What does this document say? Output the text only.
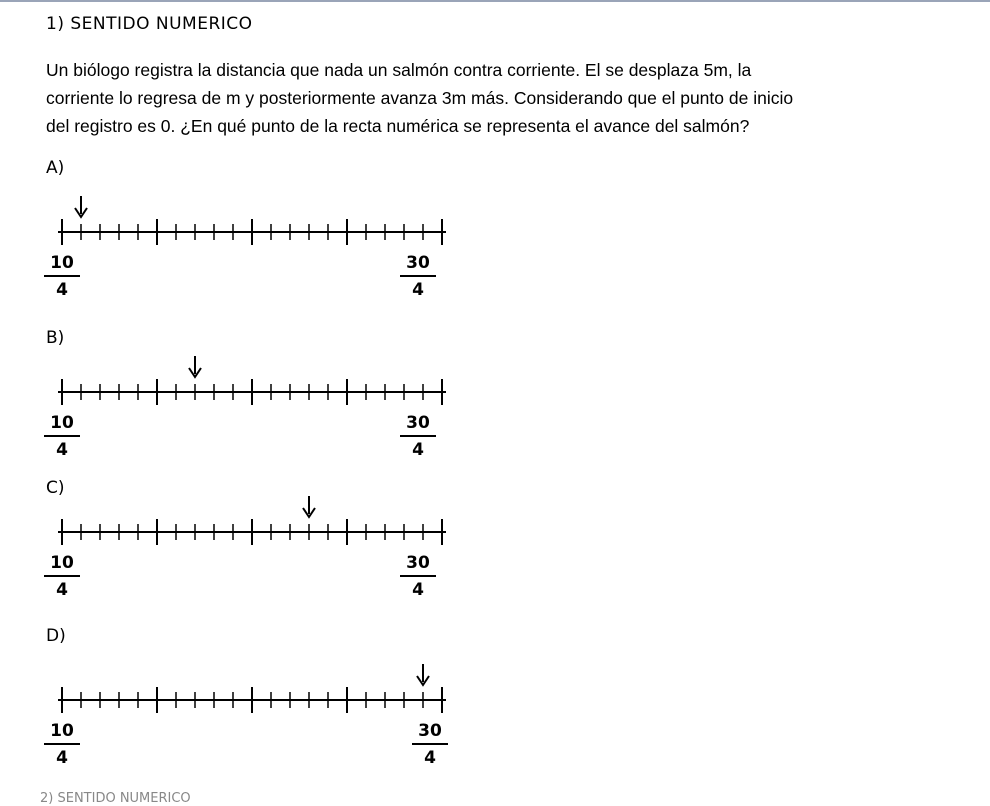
1) SENTIDO NUMERICO

Un biólogo registra la distancia que nada un salmón contra corriente. El se desplaza 5m, la

corriente lo regresa de m y posteriormente avanza 3m más. Considerando que el punto de inicio

del registro es 0. ¿En qué punto de la recta numérica se representa el avance del salmón?

A)
10
4
30
4
B)
10
4
30
4
C)
10
4
30
4
D)
10
4
30
4
2) SENTIDO NUMERICO
